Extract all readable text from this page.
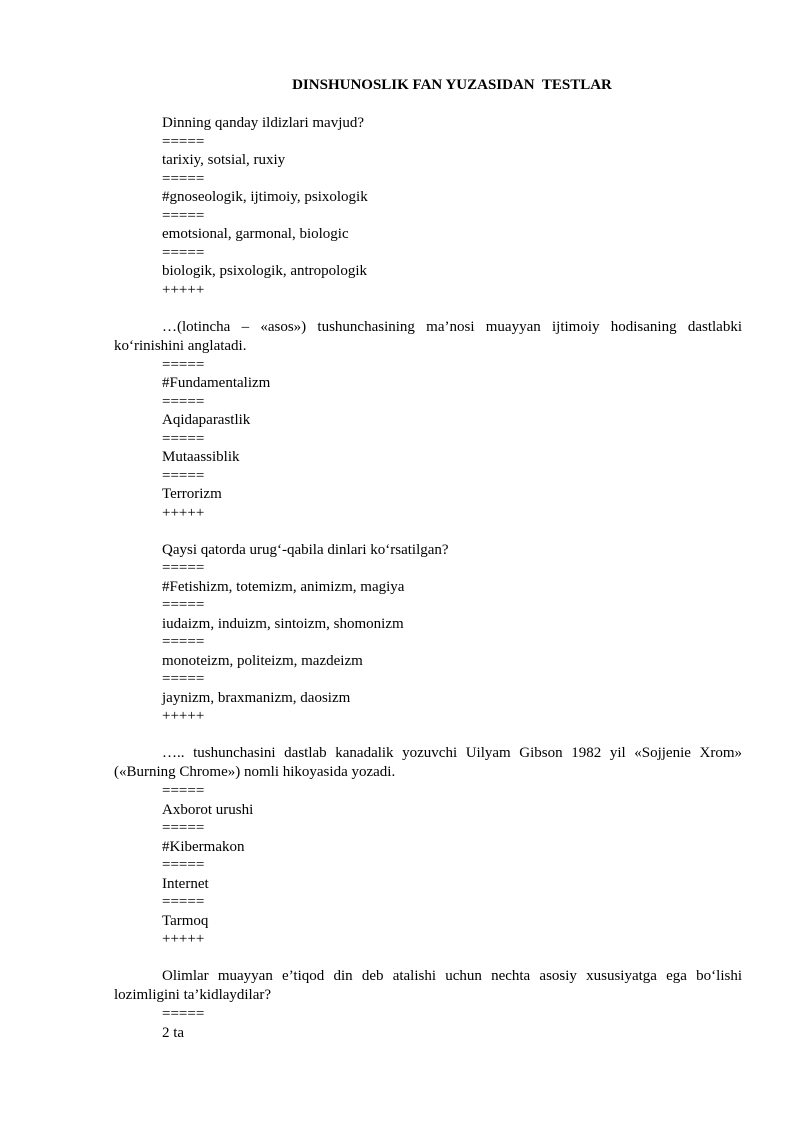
DINSHUNOSLIK FAN YUZASIDAN  TESTLAR
Dinning qanday ildizlari mavjud?
=====
tarixiy, sotsial, ruxiy
=====
#gnoseologik, ijtimoiy, psixologik
=====
emotsional, garmonal, biologic
=====
biologik, psixologik, antropologik
+++++
…(lotincha – «asos») tushunchasining ma’nosi muayyan ijtimoiy hodisaning dastlabki ko‘rinishini anglatadi.
=====
#Fundamentalizm
=====
Aqidaparastlik
=====
Mutaassiblik
=====
Terrorizm
+++++
Qaysi qatorda urug‘-qabila dinlari ko‘rsatilgan?
=====
#Fetishizm, totemizm, animizm, magiya
=====
iudaizm, induizm, sintoizm, shomonizm
=====
monoteizm, politeizm, mazdeizm
=====
jaynizm, braxmanizm, daosizm
+++++
….. tushunchasini dastlab kanadalik yozuvchi Uilyam Gibson 1982 yil «Sojjenie Xrom» («Burning Chrome») nomli hikoyasida yozadi.
=====
Axborot urushi
=====
#Kibermakon
=====
Internet
=====
Tarmoq
+++++
Olimlar muayyan e’tiqod din deb atalishi uchun nechta asosiy xususiyatga ega bo‘lishi lozimligini ta’kidlaydilar?
=====
2 ta
